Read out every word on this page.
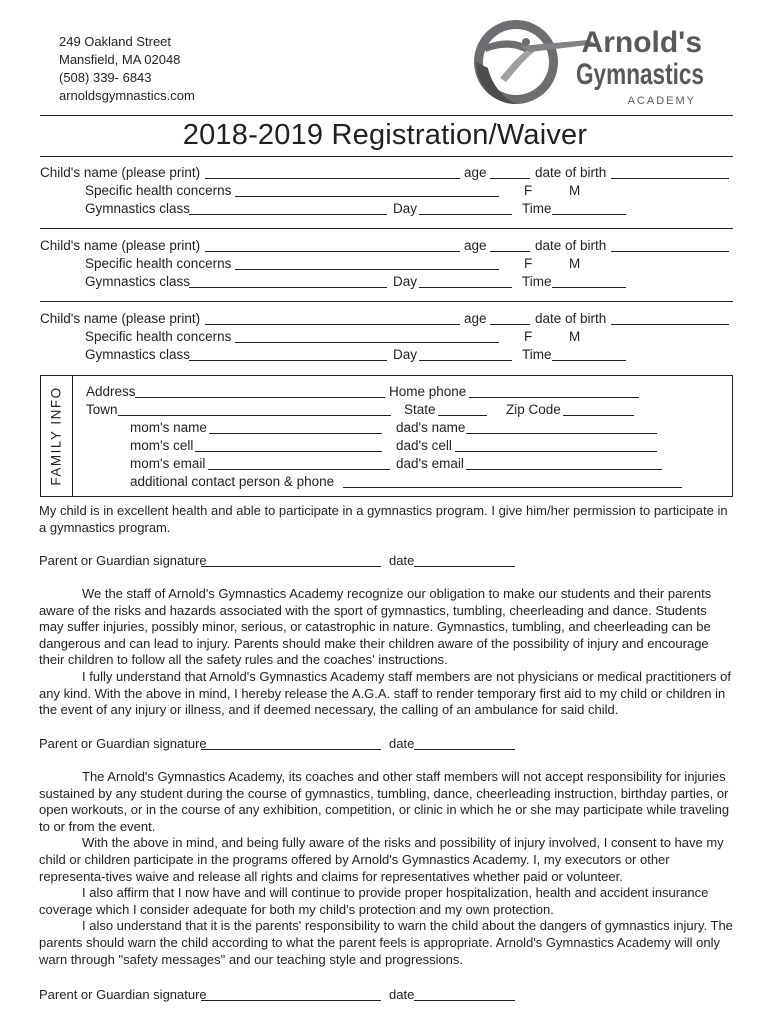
249 Oakland Street
Mansfield, MA 02048
(508) 339- 6843
arnoldsgymnastics.com
Arnold's
Gymnastics
ACADEMY
2018-2019 Registration/Waiver
Child's name (please print)	age	date of birth
Specific health concerns	F	M
Gymnastics class	Day	Time
Child's name (please print)	age	date of birth
Specific health concerns	F	M
Gymnastics class	Day	Time
Child's name (please print)	age	date of birth
Specific health concerns	F	M
Gymnastics class	Day	Time
FAMILY INFO Address	Home phone
Town	State	Zip Code
mom's name	dad's name
mom's cell	dad's cell
mom's email	dad's email
additional contact person & phone

My child is in excellent health and able to participate in a gymnastics program. I give him/her permission to participate in a gymnastics program.

Parent or Guardian signature	date

We the staff of Arnold's Gymnastics Academy recognize our obligation to make our students and their parents aware of the risks and hazards associated with the sport of gymnastics, tumbling, cheerleading and dance. Students may suffer injuries, possibly minor, serious, or catastrophic in nature. Gymnastics, tumbling, and cheerleading can be dangerous and can lead to injury. Parents should make their children aware of the possibility of injury and encourage their children to follow all the safety rules and the coaches' instructions.

I fully understand that Arnold's Gymnastics Academy staff members are not physicians or medical practitioners of any kind. With the above in mind, I hereby release the A.G.A. staff to render temporary first aid to my child or children in the event of any injury or illness, and if deemed necessary, the calling of an ambulance for said child.

Parent or Guardian signature	date

The Arnold's Gymnastics Academy, its coaches and other staff members will not accept responsibility for injuries sustained by any student during the course of gymnastics, tumbling, dance, cheerleading instruction, birthday parties, or open workouts, or in the course of any exhibition, competition, or clinic in which he or she may participate while traveling to or from the event.

With the above in mind, and being fully aware of the risks and possibility of injury involved, I consent to have my child or children participate in the programs offered by Arnold's Gymnastics Academy. I, my executors or other representa-tives waive and release all rights and claims for representatives whether paid or volunteer.

I also affirm that I now have and will continue to provide proper hospitalization, health and accident insurance coverage which I consider adequate for both my child's protection and my own protection.

I also understand that it is the parents' responsibility to warn the child about the dangers of gymnastics injury. The parents should warn the child according to what the parent feels is appropriate. Arnold's Gymnastics Academy will only warn through "safety messages" and our teaching style and progressions.

Parent or Guardian signature	date
